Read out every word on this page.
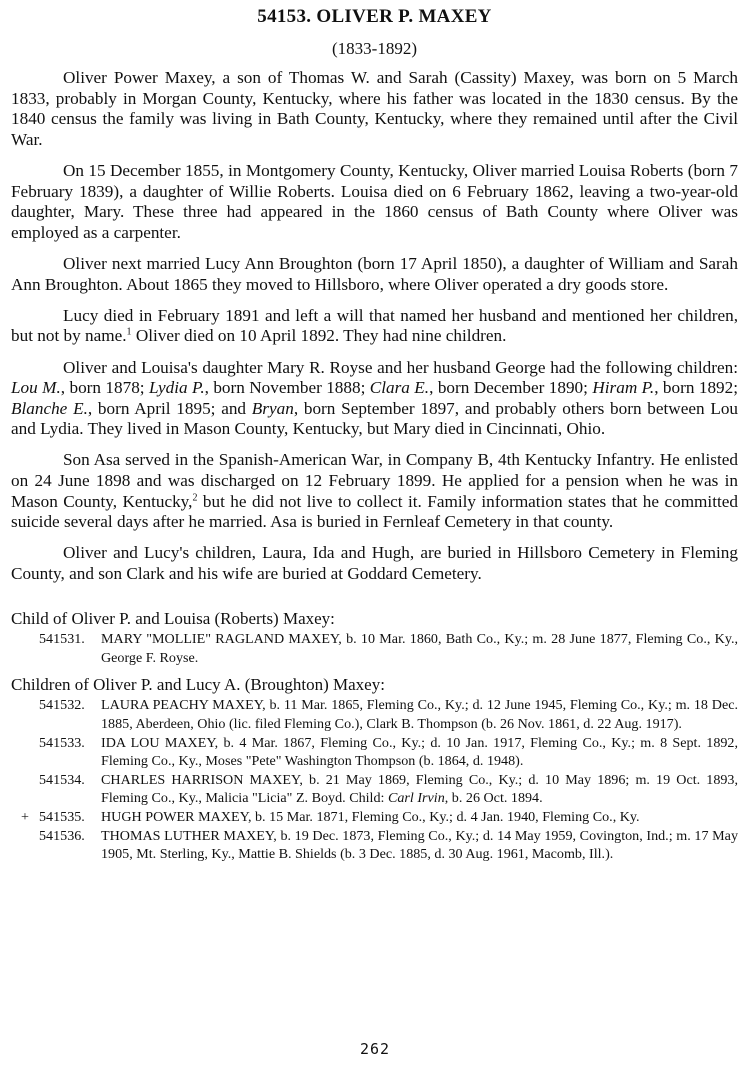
54153. OLIVER P. MAXEY
(1833-1892)

Oliver Power Maxey, a son of Thomas W. and Sarah (Cassity) Maxey, was born on 5 March 1833, probably in Morgan County, Kentucky, where his father was located in the 1830 census. By the 1840 census the family was living in Bath County, Kentucky, where they remained until after the Civil War.

On 15 December 1855, in Montgomery County, Kentucky, Oliver married Louisa Roberts (born 7 February 1839), a daughter of Willie Roberts. Louisa died on 6 February 1862, leaving a two-year-old daughter, Mary. These three had appeared in the 1860 census of Bath County where Oliver was employed as a carpenter.

Oliver next married Lucy Ann Broughton (born 17 April 1850), a daughter of William and Sarah Ann Broughton. About 1865 they moved to Hillsboro, where Oliver operated a dry goods store.

Lucy died in February 1891 and left a will that named her husband and mentioned her children, but not by name.$^1$ Oliver died on 10 April 1892. They had nine children.

Oliver and Louisa's daughter Mary R. Royse and her husband George had the following children: Lou M., born 1878; Lydia P., born November 1888; Clara E., born December 1890; Hiram P., born 1892; Blanche E., born April 1895; and Bryan, born September 1897, and probably others born between Lou and Lydia. They lived in Mason County, Kentucky, but Mary died in Cincinnati, Ohio.

Son Asa served in the Spanish-American War, in Company B, 4th Kentucky Infantry. He enlisted on 24 June 1898 and was discharged on 12 February 1899. He applied for a pension when he was in Mason County, Kentucky,$^2$ but he did not live to collect it. Family information states that he committed suicide several days after he married. Asa is buried in Fernleaf Cemetery in that county.

Oliver and Lucy's children, Laura, Ida and Hugh, are buried in Hillsboro Cemetery in Fleming County, and son Clark and his wife are buried at Goddard Cemetery.

Child of Oliver P. and Louisa (Roberts) Maxey:
541531.	MARY "MOLLIE" RAGLAND MAXEY, b. 10 Mar. 1860, Bath Co., Ky.; m. 28 June 1877, Fleming Co., Ky., George F. Royse.
Children of Oliver P. and Lucy A. (Broughton) Maxey:
541532.	LAURA PEACHY MAXEY, b. 11 Mar. 1865, Fleming Co., Ky.; d. 12 June 1945, Fleming Co., Ky.; m. 18 Dec. 1885, Aberdeen, Ohio (lic. filed Fleming Co.), Clark B. Thompson (b. 26 Nov. 1861, d. 22 Aug. 1917).
541533.	IDA LOU MAXEY, b. 4 Mar. 1867, Fleming Co., Ky.; d. 10 Jan. 1917, Fleming Co., Ky.; m. 8 Sept. 1892, Fleming Co., Ky., Moses "Pete" Washington Thompson (b. 1864, d. 1948).
541534.	CHARLES HARRISON MAXEY, b. 21 May 1869, Fleming Co., Ky.; d. 10 May 1896; m. 19 Oct. 1893, Fleming Co., Ky., Malicia "Licia" Z. Boyd. Child: Carl Irvin, b. 26 Oct. 1894.
+ 541535.	HUGH POWER MAXEY, b. 15 Mar. 1871, Fleming Co., Ky.; d. 4 Jan. 1940, Fleming Co., Ky.
541536.	THOMAS LUTHER MAXEY, b. 19 Dec. 1873, Fleming Co., Ky.; d. 14 May 1959, Covington, Ind.; m. 17 May 1905, Mt. Sterling, Ky., Mattie B. Shields (b. 3 Dec. 1885, d. 30 Aug. 1961, Macomb, Ill.).
262
